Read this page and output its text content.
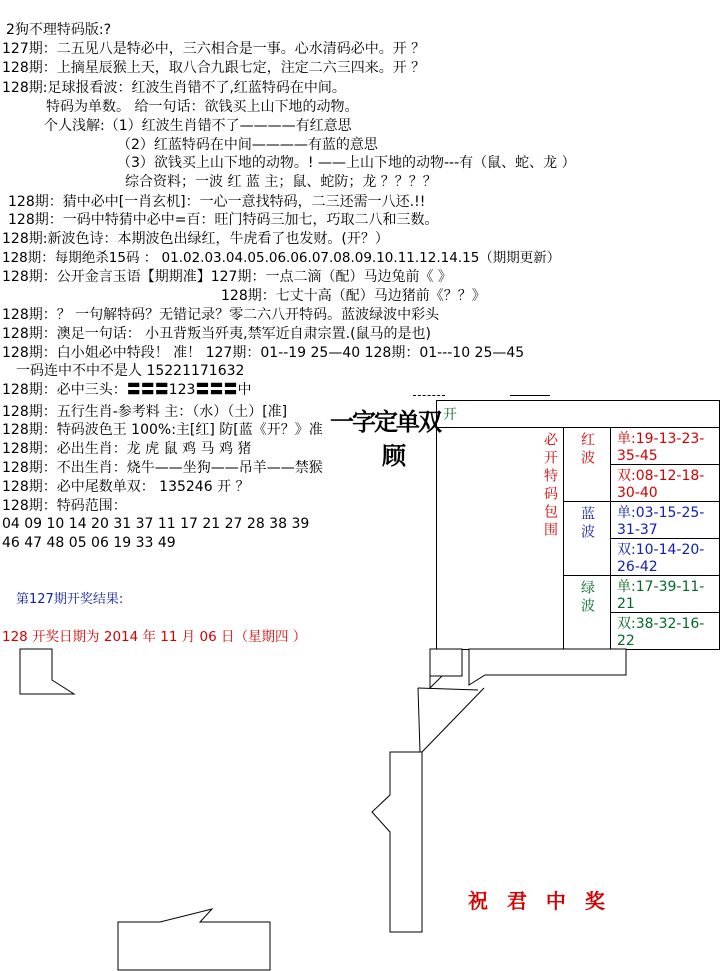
2狗不理特码版:?
127期：二五见八是特必中，三六相合是一事。心水清码必中。开 ？
128期：上摘星辰猴上天，取八合九跟七定，注定二六三四来。开 ？
128期:足球报看波：红波生肖错不了,红蓝特码在中间。
特码为单数。 给一句话：欲钱买上山下地的动物。
个人浅解:（1）红波生肖错不了————有红意思
（2）红蓝特码在中间————有蓝的意思
（3）欲钱买上山下地的动物。! ——上山下地的动物---有（鼠、蛇、龙 ）
综合资料；一波 红 蓝 主；鼠、蛇防；龙 ？？？？
128期：猜中必中[一肖玄机]：一心一意找特码，二三还需一八还.!!
128期：一码中特猜中必中=百：旺门特码三加七，巧取二八和三数。
128期:新波色诗：本期波色出绿红，牛虎看了也发财。(开？）
128期：每期绝杀15码 ： 01.02.03.04.05.06.06.07.08.09.10.11.12.14.15（期期更新）
128期：公开金言玉语【期期准】127期：一点二滴（配）马边兔前《 》
128期：七丈十高（配）马边猪前《？？》
128期：？ 一句解特码？无错记录？零二六八开特码。蓝波绿波中彩头
128期：澳足一句话： 小丑背叛当歼夷,禁军近自肃宗置.(鼠马的是也)
128期：白小姐必中特段！ 准！ 127期：01--19 25—40 128期：01---10 25—45
一码连中不中不是人 15221171632
128期：必中三头：〓〓〓123〓〓〓中
128期：五行生肖-参考料 主：（水）（土）[准]
128期：特码波色王 100%:主[红] 防[蓝《开？》准
128期：必出生肖：龙 虎 鼠 鸡 马 鸡 猪
128期：不出生肖：烧牛——坐狗——吊羊——禁猴
128期：必中尾数单双： 135246 开 ？
128期：特码范围：
04 09 10 14 20 31 37 11 17 21 27 28 38 39
46 47 48 05 06 19 33 49
一字定单双
顾
开		
必开特码包围	红波	单:19-13-23-35-45
		双:08-12-18-30-40
	蓝波	单:03-15-25-31-37
		双:10-14-20-26-42
	绿波	单:17-39-11-21
		双:38-32-16-22
第127期开奖结果:
128 开奖日期为 2014 年 11 月 06 日（星期四 ）
祝 君 中 奖
